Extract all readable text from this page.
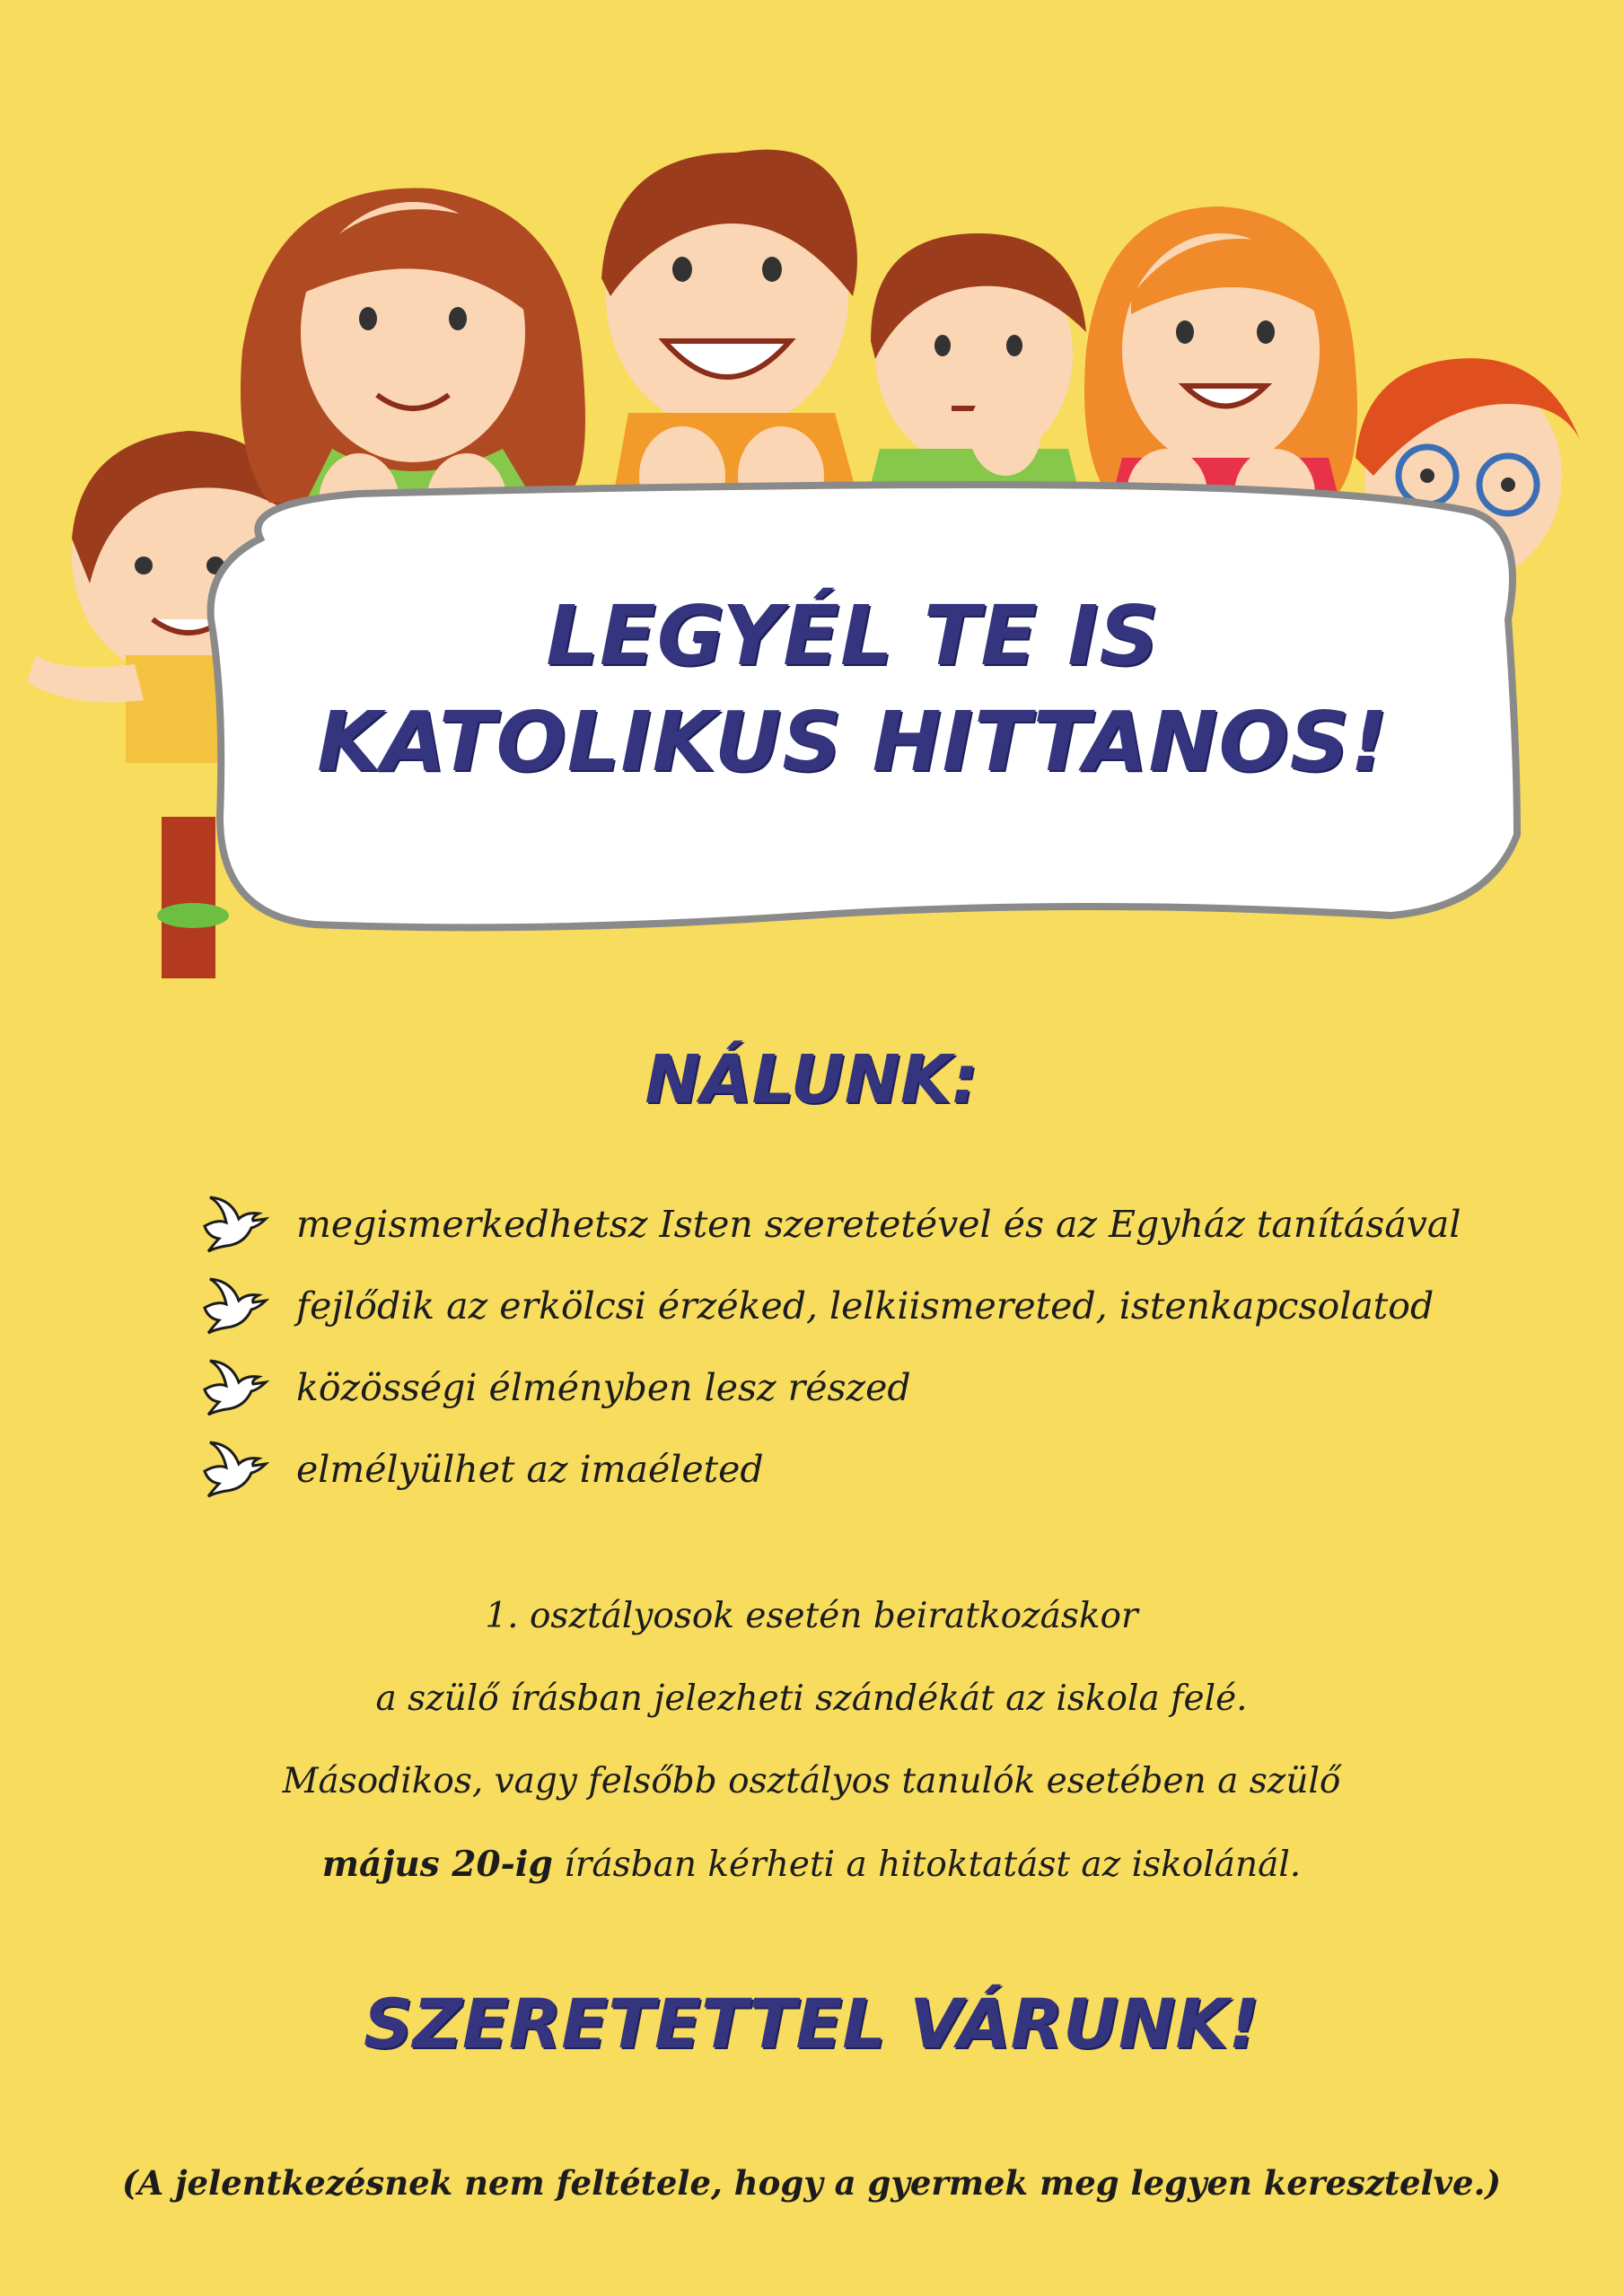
LEGYÉL TE IS
KATOLIKUS HITTANOS!
NÁLUNK:
megismerkedhetsz Isten szeretetével és az Egyház tanításával
fejlődik az erkölcsi érzéked, lelkiismereted, istenkapcsolatod
közösségi élményben lesz részed
elmélyülhet az imaéleted

1. osztályosok esetén beiratkozáskor

a szülő írásban jelezheti szándékát az iskola felé.

Másodikos, vagy felsőbb osztályos tanulók esetében a szülő

május 20-ig írásban kérheti a hitoktatást az iskolánál.

SZERETETTEL VÁRUNK!
(A jelentkezésnek nem feltétele, hogy a gyermek meg legyen keresztelve.)
